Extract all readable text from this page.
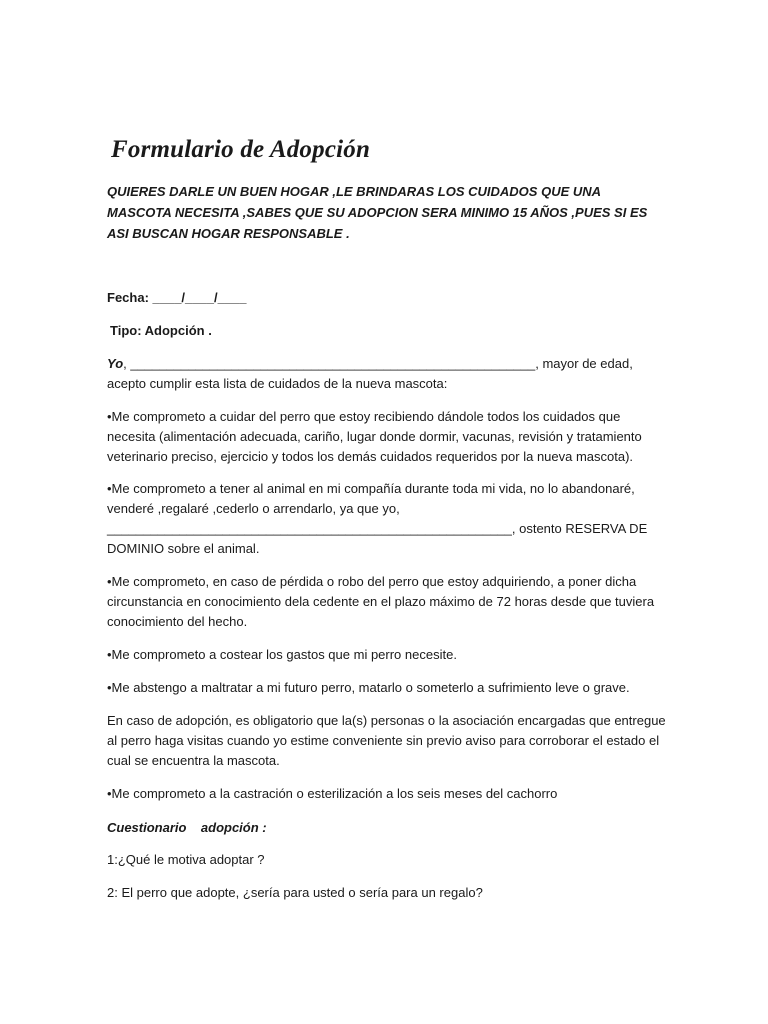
Formulario de Adopción

QUIERES DARLE UN BUEN HOGAR ,LE BRINDARAS LOS CUIDADOS QUE UNA MASCOTA NECESITA ,SABES QUE SU ADOPCION SERA MINIMO 15 AÑOS ,PUES SI ES ASI BUSCAN HOGAR RESPONSABLE .

Fecha: ____/____/____

Tipo: Adopción .

Yo, ________________________________________________________, mayor de edad, acepto cumplir esta lista de cuidados de la nueva mascota:

•Me comprometo a cuidar del perro que estoy recibiendo dándole todos los cuidados que necesita (alimentación adecuada, cariño, lugar donde dormir, vacunas, revisión y tratamiento veterinario preciso, ejercicio y todos los demás cuidados requeridos por la nueva mascota).

•Me comprometo a tener al animal en mi compañía durante toda mi vida, no lo abandonaré, venderé ,regalaré ,cederlo o arrendarlo, ya que yo, ________________________________________________________, ostento RESERVA DE DOMINIO sobre el animal.

•Me comprometo, en caso de pérdida o robo del perro que estoy adquiriendo, a poner dicha circunstancia en conocimiento dela cedente en el plazo máximo de 72 horas desde que tuviera conocimiento del hecho.

•Me comprometo a costear los gastos que mi perro necesite.

•Me abstengo a maltratar a mi futuro perro, matarlo o someterlo a sufrimiento leve o grave.

En caso de adopción, es obligatorio que la(s) personas o la asociación encargadas que entregue al perro haga visitas cuando yo estime conveniente sin previo aviso para corroborar el estado el cual se encuentra la mascota.

•Me comprometo a la castración o esterilización a los seis meses del cachorro

Cuestionario    adopción :

1:¿Qué le motiva adoptar ?

2: El perro que adopte, ¿sería para usted o sería para un regalo?
